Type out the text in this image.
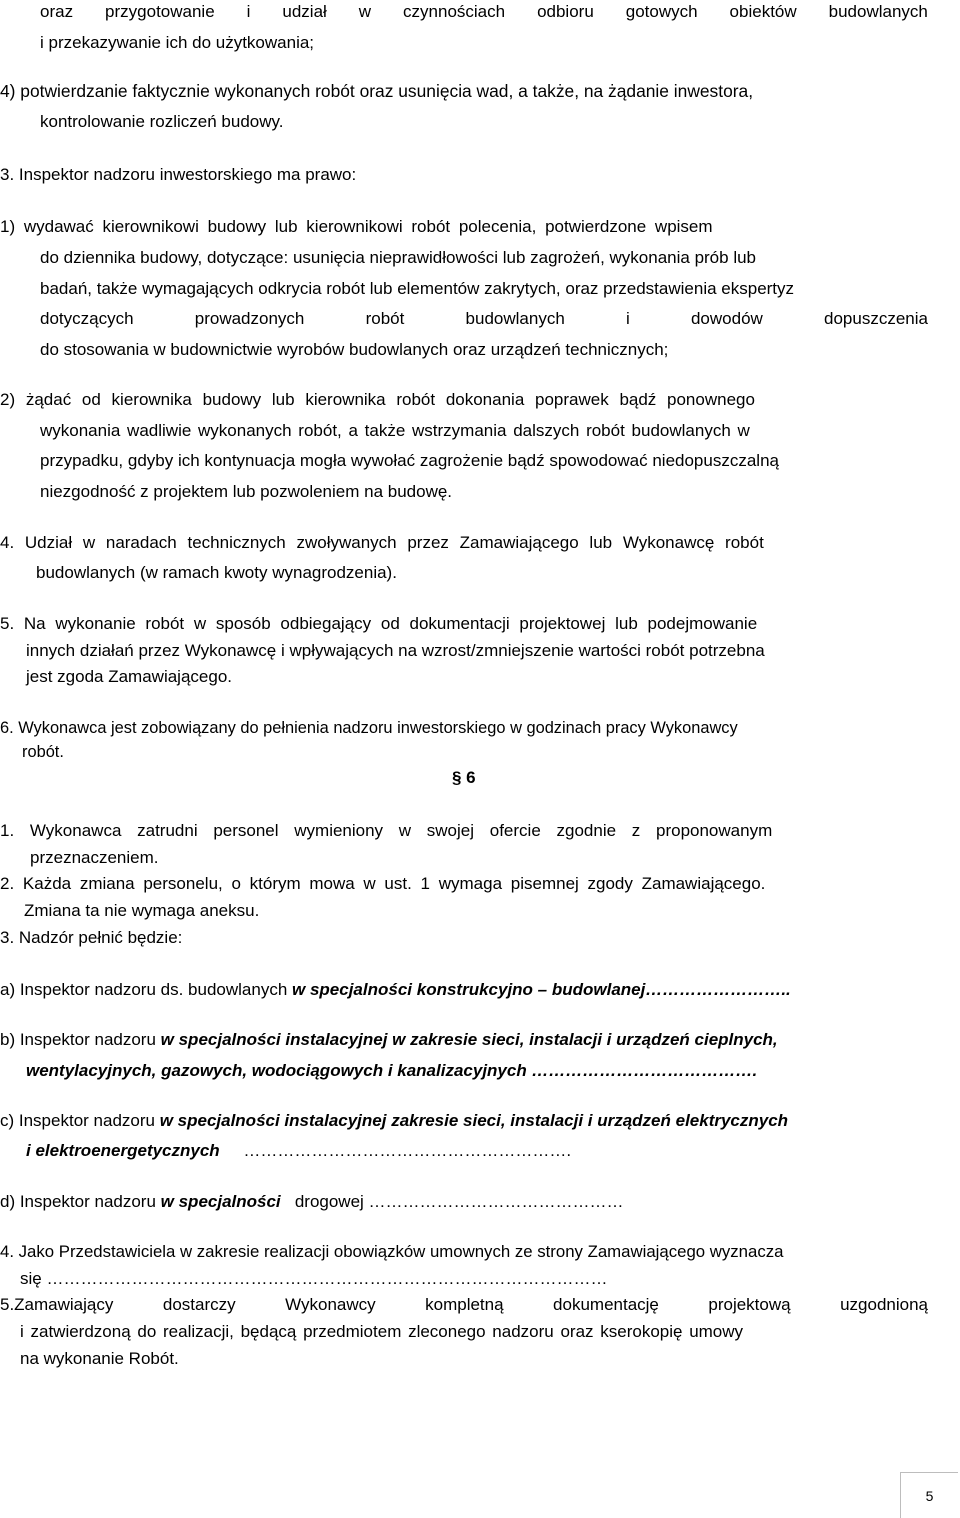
oraz przygotowanie i udział w czynnościach odbioru gotowych obiektów budowlanych
i przekazywanie ich do użytkowania;
4) potwierdzanie faktycznie wykonanych robót oraz usunięcia wad, a także, na żądanie inwestora,
kontrolowanie rozliczeń budowy.
3. Inspektor nadzoru inwestorskiego ma prawo:
1) wydawać kierownikowi budowy lub kierownikowi robót polecenia, potwierdzone wpisem
do dziennika budowy, dotyczące: usunięcia nieprawidłowości lub zagrożeń, wykonania prób lub
badań, także wymagających odkrycia robót lub elementów zakrytych, oraz przedstawienia ekspertyz
dotyczących	prowadzonych	robót	budowlanych	i	dowodów	dopuszczenia
do stosowania w budownictwie wyrobów budowlanych oraz urządzeń technicznych;
2) żądać od kierownika budowy lub kierownika robót dokonania poprawek bądź ponownego
wykonania wadliwie wykonanych robót, a także wstrzymania dalszych robót budowlanych w
przypadku, gdyby ich kontynuacja mogła wywołać zagrożenie bądź spowodować niedopuszczalną
niezgodność z projektem lub pozwoleniem na budowę.
4. Udział w naradach technicznych zwoływanych przez Zamawiającego lub Wykonawcę robót
budowlanych (w ramach kwoty wynagrodzenia).
5. Na wykonanie robót w sposób odbiegający od dokumentacji projektowej lub podejmowanie
innych działań przez Wykonawcę i wpływających na wzrost/zmniejszenie wartości robót potrzebna
jest zgoda Zamawiającego.
6. Wykonawca jest zobowiązany do pełnienia nadzoru inwestorskiego w godzinach pracy Wykonawcy
robót.
§ 6
1. Wykonawca zatrudni personel wymieniony w swojej ofercie zgodnie z proponowanym
przeznaczeniem.
2. Każda zmiana personelu, o którym mowa w ust. 1 wymaga pisemnej zgody Zamawiającego.
Zmiana ta nie wymaga aneksu.
3. Nadzór pełnić będzie:
a) Inspektor nadzoru ds. budowlanych w specjalności konstrukcyjno – budowlanej……………………..
b) Inspektor nadzoru w specjalności instalacyjnej w zakresie sieci, instalacji i urządzeń cieplnych,
wentylacyjnych, gazowych, wodociągowych i kanalizacyjnych ………………………………….
c) Inspektor nadzoru w specjalności instalacyjnej zakresie sieci, instalacji i urządzeń elektrycznych
i elektroenergetycznych     ………………………………………………….
d) Inspektor nadzoru w specjalności   drogowej ………………………………………
4. Jako Przedstawiciela w zakresie realizacji obowiązków umownych ze strony Zamawiającego wyznacza
się ………………………………………………………………………………………
5.Zamawiający	dostarczy	Wykonawcy	kompletną	dokumentację	projektową	uzgodnioną
i zatwierdzoną do realizacji, będącą przedmiotem zleconego nadzoru oraz kserokopię umowy
na wykonanie Robót.
5
